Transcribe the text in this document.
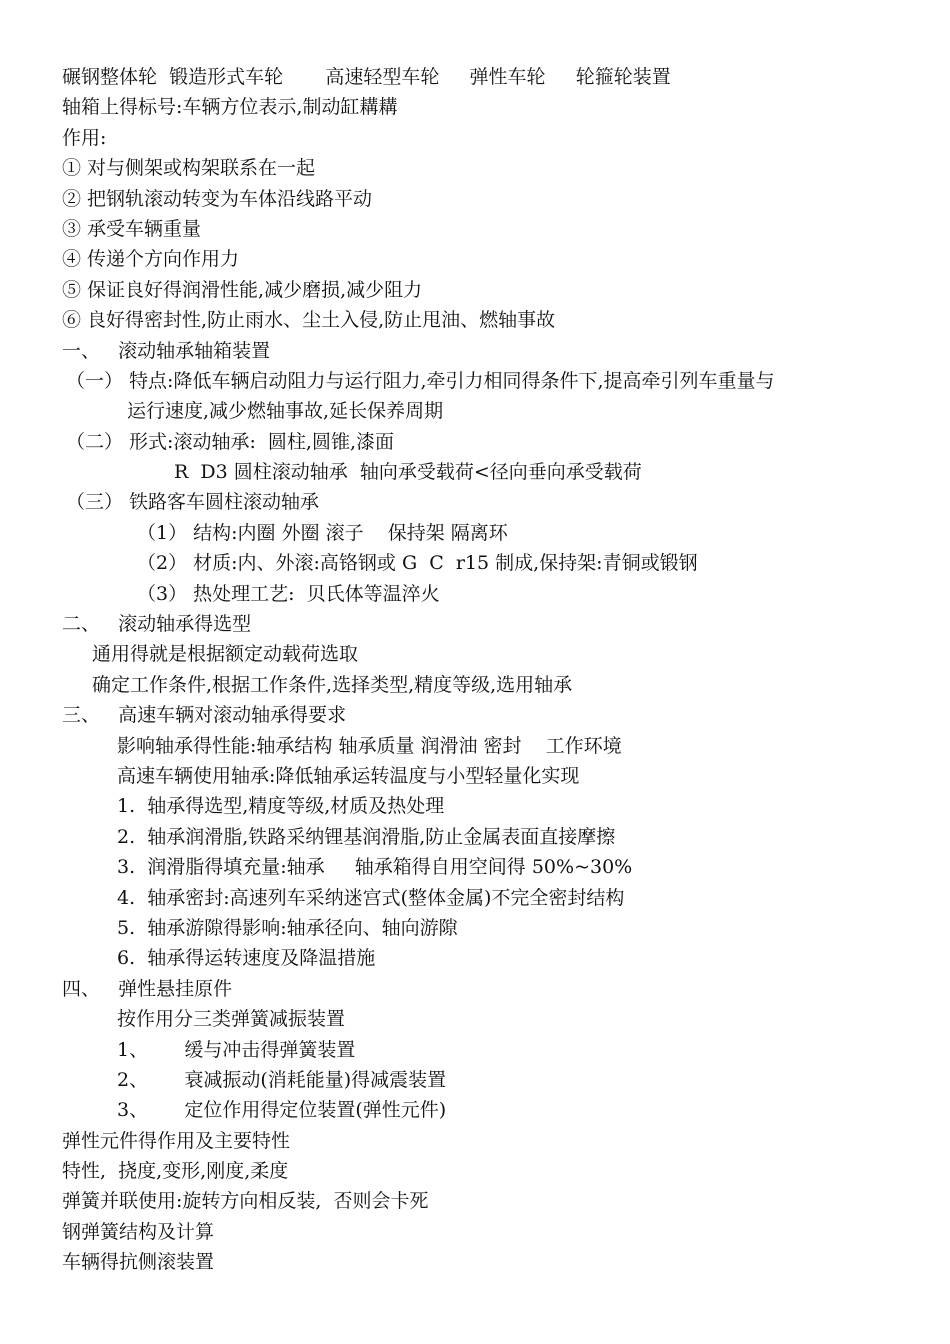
碾钢整体轮  锻造形式车轮       高速轻型车轮     弹性车轮     轮箍轮装置
轴箱上得标号:车辆方位表示,制动缸耩耩
作用:
① 对与侧架或构架联系在一起
② 把钢轨滚动转变为车体沿线路平动
③ 承受车辆重量
④ 传递个方向作用力
⑤ 保证良好得润滑性能,减少磨损,减少阻力
⑥ 良好得密封性,防止雨水、尘土入侵,防止甩油、燃轴事故
一、   滚动轴承轴箱装置
（一） 特点:降低车辆启动阻力与运行阻力,牵引力相同得条件下,提高牵引列车重量与
运行速度,减少燃轴事故,延长保养周期
（二） 形式:滚动轴承:  圆柱,圆锥,漆面
R  D3 圆柱滚动轴承  轴向承受载荷<径向垂向承受载荷
（三） 铁路客车圆柱滚动轴承
（1） 结构:内圈 外圈 滚子    保持架 隔离环
（2） 材质:内、外滚:高铬钢或 G  C  r15 制成,保持架:青铜或锻钢
（3） 热处理工艺:  贝氏体等温淬火
二、   滚动轴承得选型
通用得就是根据额定动载荷选取
确定工作条件,根据工作条件,选择类型,精度等级,选用轴承
三、   高速车辆对滚动轴承得要求
影响轴承得性能:轴承结构 轴承质量 润滑油 密封    工作环境
高速车辆使用轴承:降低轴承运转温度与小型轻量化实现
1.  轴承得选型,精度等级,材质及热处理
2.  轴承润滑脂,铁路采纳锂基润滑脂,防止金属表面直接摩擦
3.  润滑脂得填充量:轴承     轴承箱得自用空间得 50%~30%
4.  轴承密封:高速列车采纳迷宫式(整体金属)不完全密封结构
5.  轴承游隙得影响:轴承径向、轴向游隙
6.  轴承得运转速度及降温措施
四、   弹性悬挂原件
按作用分三类弹簧减振装置
1、      缓与冲击得弹簧装置
2、      衰减振动(消耗能量)得减震装置
3、      定位作用得定位装置(弹性元件)
弹性元件得作用及主要特性
特性,  挠度,变形,刚度,柔度
弹簧并联使用:旋转方向相反装,  否则会卡死
钢弹簧结构及计算
车辆得抗侧滚装置
